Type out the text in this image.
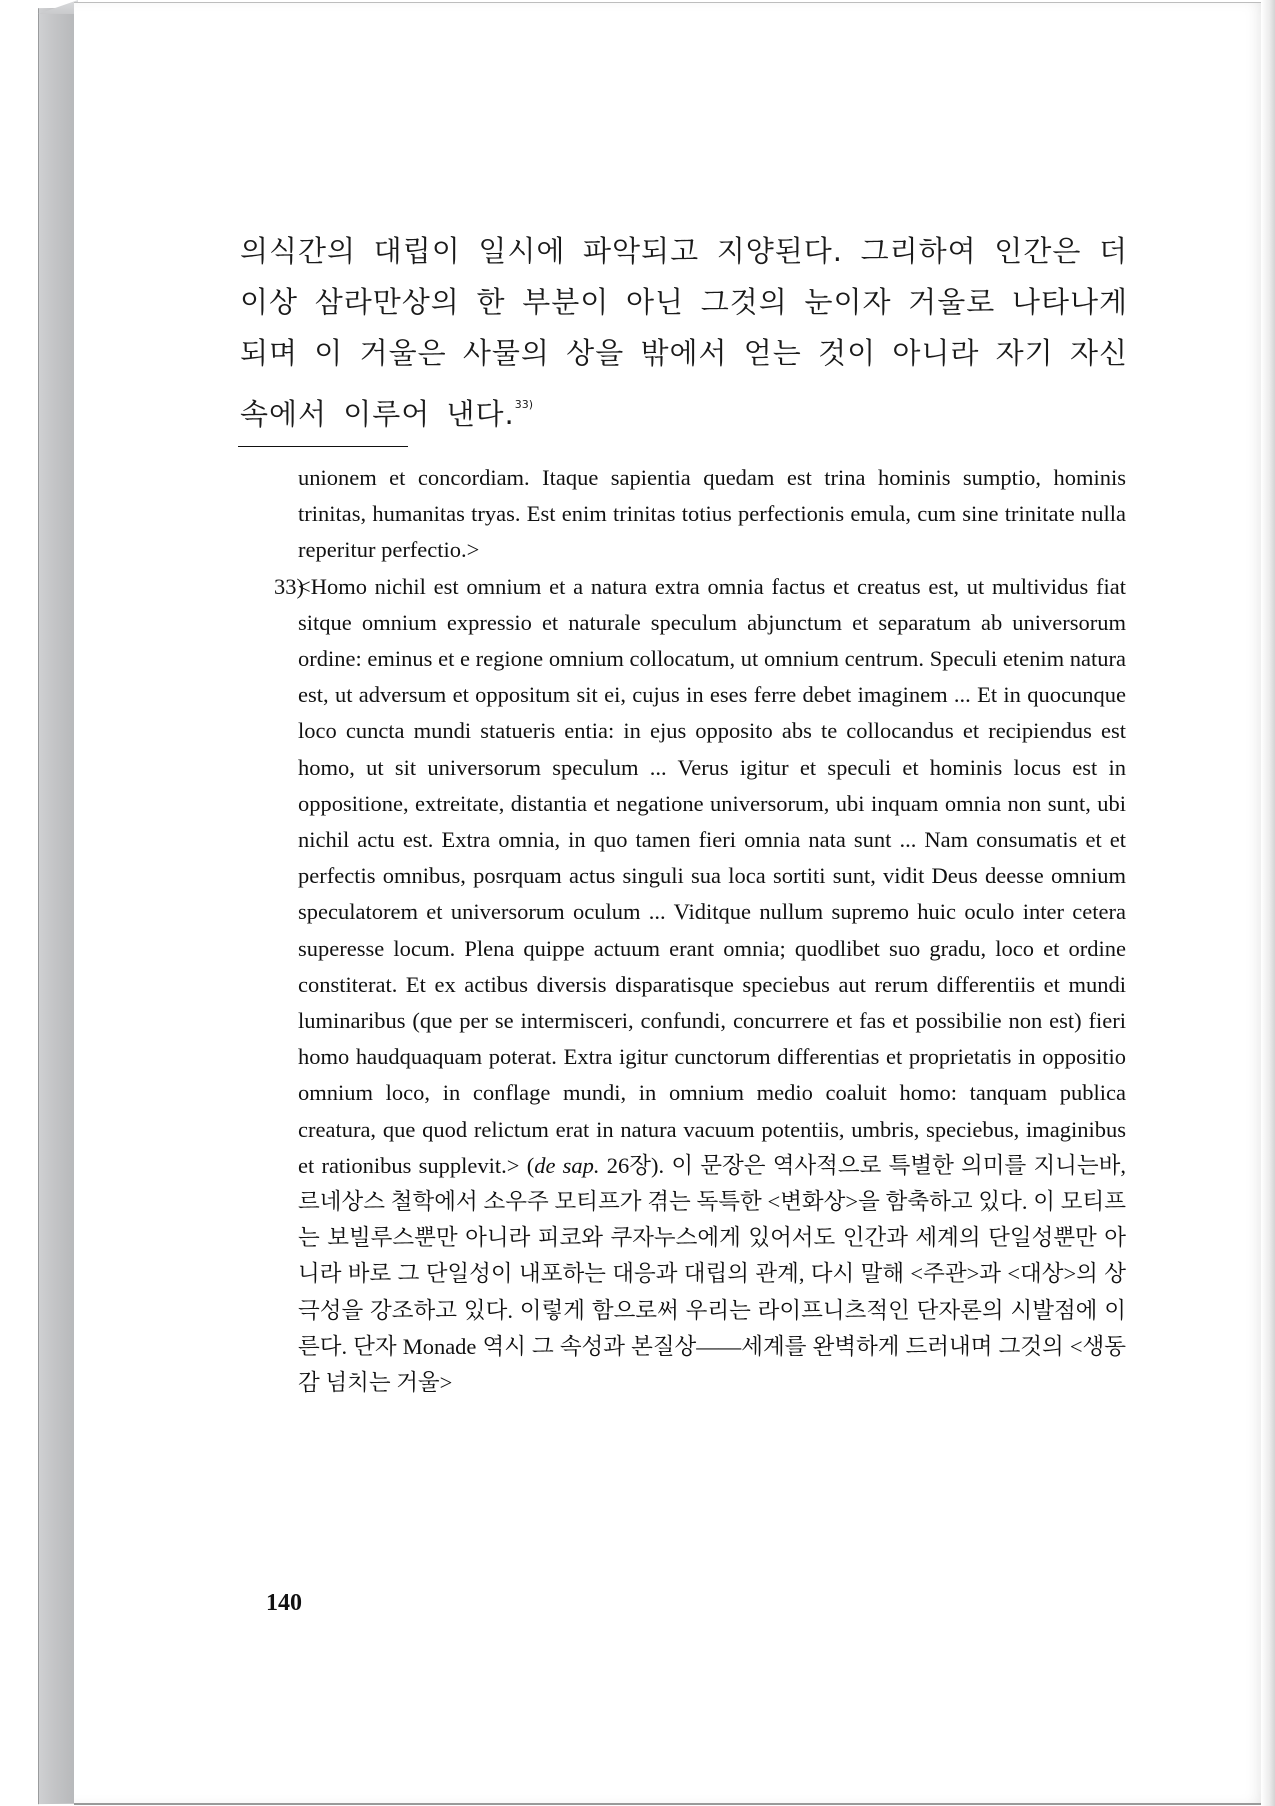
의식간의 대립이 일시에 파악되고 지양된다. 그리하여 인간은 더 이상 삼라만상의 한 부분이 아닌 그것의 눈이자 거울로 나타나게 되며 이 거울은 사물의 상을 밖에서 얻는 것이 아니라 자기 자신 속에서 이루어 낸다.$^{33)}$

unionem et concordiam. Itaque sapientia quedam est trina hominis sumptio, hominis trinitas, humanitas tryas. Est enim trinitas totius perfectionis emula, cum sine trinitate nulla reperitur perfectio.>

33)
<Homo nichil est omnium et a natura extra omnia factus et creatus est, ut multividus fiat sitque omnium expressio et naturale speculum abjunctum et separatum ab universorum ordine: eminus et e regione omnium collocatum, ut omnium centrum. Speculi etenim natura est, ut adversum et oppositum sit ei, cujus in eses ferre debet imaginem ... Et in quocunque loco cuncta mundi statueris entia: in ejus opposito abs te collocandus et recipiendus est homo, ut sit universorum speculum ... Verus igitur et speculi et hominis locus est in oppositione, extreitate, distantia et negatione universorum, ubi inquam omnia non sunt, ubi nichil actu est. Extra omnia, in quo tamen fieri omnia nata sunt ... Nam consumatis et et perfectis omnibus, posrquam actus singuli sua loca sortiti sunt, vidit Deus deesse omnium speculatorem et universorum oculum ... Viditque nullum supremo huic oculo inter cetera superesse locum. Plena quippe actuum erant omnia; quodlibet suo gradu, loco et ordine constiterat. Et ex actibus diversis disparatisque speciebus aut rerum differentiis et mundi luminaribus (que per se intermisceri, confundi, concurrere et fas et possibilie non est) fieri homo haudquaquam poterat. Extra igitur cunctorum differentias et proprietatis in oppositio omnium loco, in conflage mundi, in omnium medio coaluit homo: tanquam publica creatura, que quod relictum erat in natura vacuum potentiis, umbris, speciebus, imaginibus et rationibus supplevit.> (de sap. 26장). 이 문장은 역사적으로 특별한 의미를 지니는바, 르네상스 철학에서 소우주 모티프가 겪는 독특한 <변화상>을 함축하고 있다. 이 모티프는 보빌루스뿐만 아니라 피코와 쿠자누스에게 있어서도 인간과 세계의 단일성뿐만 아니라 바로 그 단일성이 내포하는 대응과 대립의 관계, 다시 말해 <주관>과 <대상>의 상극성을 강조하고 있다. 이렇게 함으로써 우리는 라이프니츠적인 단자론의 시발점에 이른다. 단자 Monade 역시 그 속성과 본질상——세계를 완벽하게 드러내며 그것의 <생동감 넘치는 거울>

140
